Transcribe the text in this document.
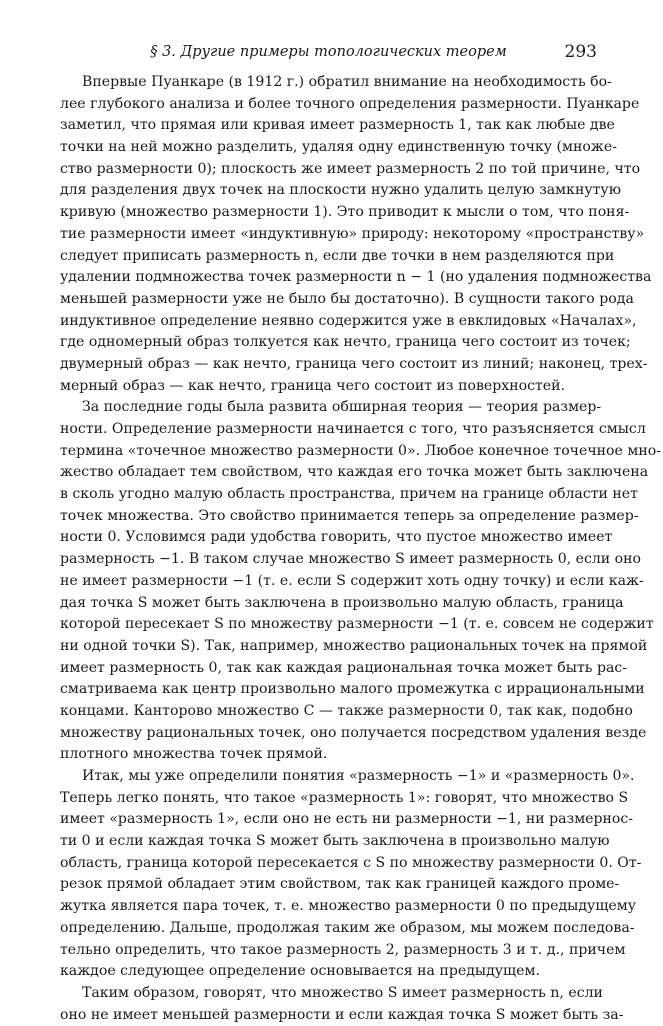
§ 3. Другие примеры топологических теорем	293
Впервые Пуанкаре (в 1912 г.) обратил внимание на необходимость бо-
лее глубокого анализа и более точного определения размерности. Пуанкаре
заметил, что прямая или кривая имеет размерность 1, так как любые две
точки на ней можно разделить, удаляя одну единственную точку (множе-
ство размерности 0); плоскость же имеет размерность 2 по той причине, что
для разделения двух точек на плоскости нужно удалить целую замкнутую
кривую (множество размерности 1). Это приводит к мысли о том, что поня-
тие размерности имеет «индуктивную» природу: некоторому «пространству»
следует приписать размерность n, если две точки в нем разделяются при
удалении подмножества точек размерности n − 1 (но удаления подмножества
меньшей размерности уже не было бы достаточно). В сущности такого рода
индуктивное определение неявно содержится уже в евклидовых «Началах»,
где одномерный образ толкуется как нечто, граница чего состоит из точек;
двумерный образ — как нечто, граница чего состоит из линий; наконец, трех-
мерный образ — как нечто, граница чего состоит из поверхностей.
За последние годы была развита обширная теория — теория размер-
ности. Определение размерности начинается с того, что разъясняется смысл
термина «точечное множество размерности 0». Любое конечное точечное мно-
жество обладает тем свойством, что каждая его точка может быть заключена
в сколь угодно малую область пространства, причем на границе области нет
точек множества. Это свойство принимается теперь за определение размер-
ности 0. Условимся ради удобства говорить, что пустое множество имеет
размерность −1. В таком случае множество S имеет размерность 0, если оно
не имеет размерности −1 (т. е. если S содержит хоть одну точку) и если каж-
дая точка S может быть заключена в произвольно малую область, граница
которой пересекает S по множеству размерности −1 (т. е. совсем не содержит
ни одной точки S). Так, например, множество рациональных точек на прямой
имеет размерность 0, так как каждая рациональная точка может быть рас-
сматриваема как центр произвольно малого промежутка с иррациональными
концами. Канторово множество C — также размерности 0, так как, подобно
множеству рациональных точек, оно получается посредством удаления везде
плотного множества точек прямой.
Итак, мы уже определили понятия «размерность −1» и «размерность 0».
Теперь легко понять, что такое «размерность 1»: говорят, что множество S
имеет «размерность 1», если оно не есть ни размерности −1, ни размернос-
ти 0 и если каждая точка S может быть заключена в произвольно малую
область, граница которой пересекается с S по множеству размерности 0. От-
резок прямой обладает этим свойством, так как границей каждого проме-
жутка является пара точек, т. е. множество размерности 0 по предыдущему
определению. Дальше, продолжая таким же образом, мы можем последова-
тельно определить, что такое размерность 2, размерность 3 и т. д., причем
каждое следующее определение основывается на предыдущем.
Таким образом, говорят, что множество S имеет размерность n, если
оно не имеет меньшей размерности и если каждая точка S может быть за-
